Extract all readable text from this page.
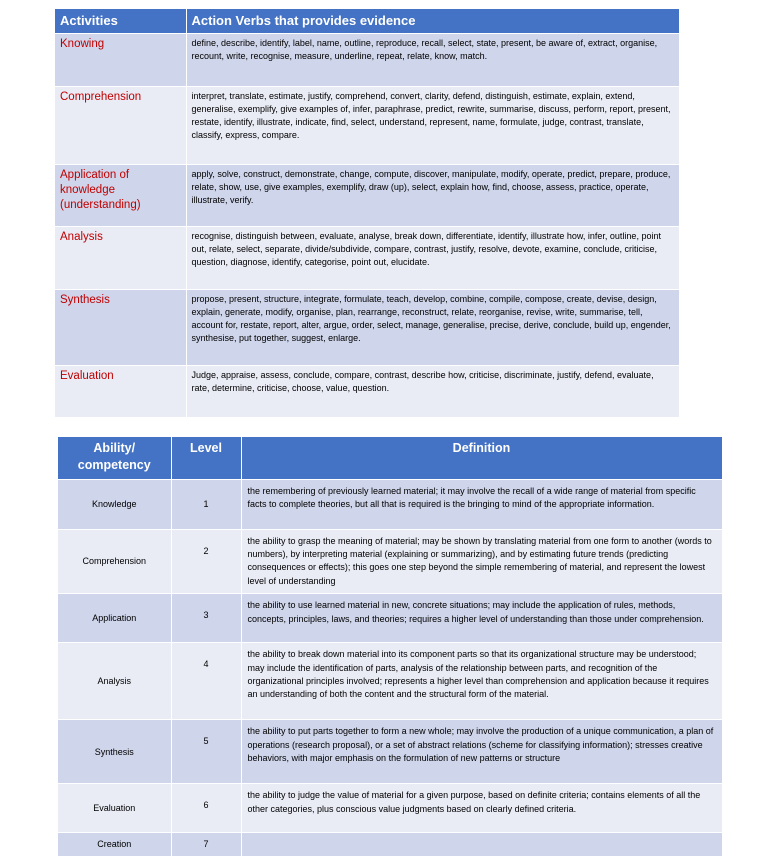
Activities	Action Verbs that provides evidence
Knowing	define, describe, identify, label, name, outline, reproduce, recall, select, state, present, be aware of, extract, organise, recount, write, recognise, measure, underline, repeat, relate, know, match.
Comprehension	interpret, translate, estimate, justify, comprehend, convert, clarity, defend, distinguish, estimate, explain, extend, generalise, exemplify, give examples of, infer, paraphrase, predict, rewrite, summarise, discuss, perform, report, present, restate, identify, illustrate, indicate, find, select, understand, represent, name, formulate, judge, contrast, translate, classify, express, compare.
Application of knowledge (understanding)	apply, solve, construct, demonstrate, change, compute, discover, manipulate, modify, operate, predict, prepare, produce, relate, show, use, give examples, exemplify, draw (up), select, explain how, find, choose, assess, practice, operate, illustrate, verify.
Analysis	recognise, distinguish between, evaluate, analyse, break down, differentiate, identify, illustrate how, infer, outline, point out, relate, select, separate, divide/subdivide, compare, contrast, justify, resolve, devote, examine, conclude, criticise, question, diagnose, identify, categorise, point out, elucidate.
Synthesis	propose, present, structure, integrate, formulate, teach, develop, combine, compile, compose, create, devise, design, explain, generate, modify, organise, plan, rearrange, reconstruct, relate, reorganise, revise, write, summarise, tell, account for, restate, report, alter, argue, order, select, manage, generalise, precise, derive, conclude, build up, engender, synthesise, put together, suggest, enlarge.
Evaluation	Judge, appraise, assess, conclude, compare, contrast, describe how, criticise, discriminate, justify, defend, evaluate, rate, determine, criticise, choose, value, question.
Ability/ competency	Level	Definition
Knowledge	1	the remembering of previously learned material; it may involve the recall of a wide range of material from specific facts to complete theories, but all that is required is the bringing to mind of the appropriate information.
Comprehension	2	the ability to grasp the meaning of material; may be shown by translating material from one form to another (words to numbers), by interpreting material (explaining or summarizing), and by estimating future trends (predicting consequences or effects); this goes one step beyond the simple remembering of material, and represent the lowest level of understanding
Application	3	the ability to use learned material in new, concrete situations; may include the application of rules, methods, concepts, principles, laws, and theories; requires a higher level of understanding than those under comprehension.
Analysis	4	the ability to break down material into its component parts so that its organizational structure may be understood; may include the identification of parts, analysis of the relationship between parts, and recognition of the organizational principles involved; represents a higher level than comprehension and application because it requires an understanding of both the content and the structural form of the material.
Synthesis	5	the ability to put parts together to form a new whole; may involve the production of a unique communication, a plan of operations (research proposal), or a set of abstract relations (scheme for classifying information); stresses creative behaviors, with major emphasis on the formulation of new patterns or structure
Evaluation	6	the ability to judge the value of material for a given purpose, based on definite criteria; contains elements of all the other categories, plus conscious value judgments based on clearly defined criteria.
Creation	7	
